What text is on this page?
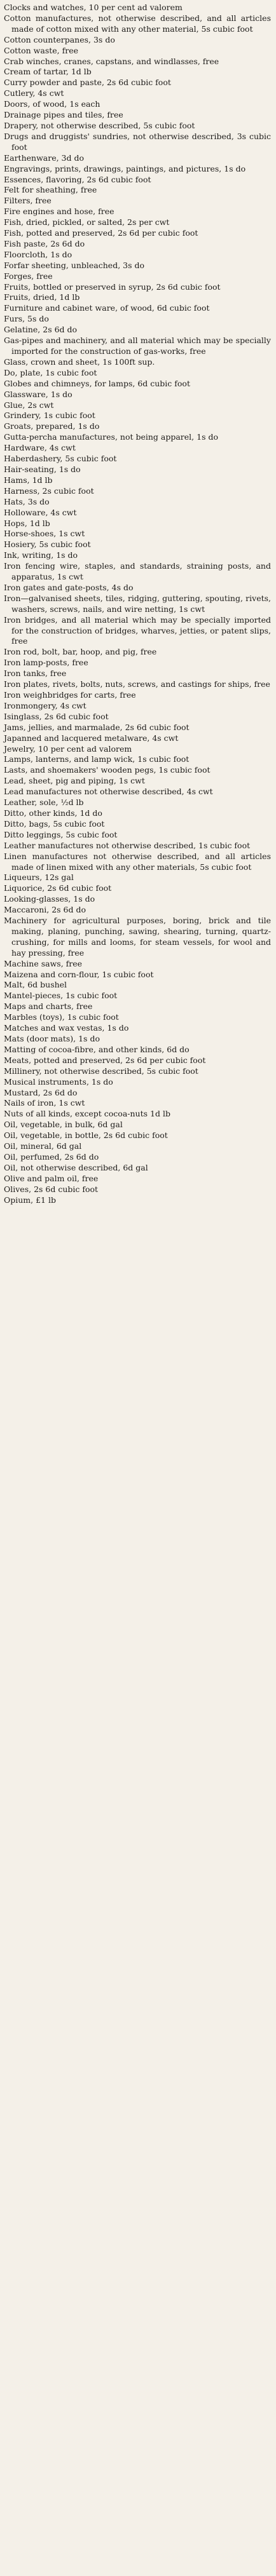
Clocks and watches, 10 per cent ad valorem

Cotton manufactures, not otherwise described, and all articles made of cotton mixed with any other material, 5s cubic foot

Cotton counterpanes, 3s do

Cotton waste, free

Crab winches, cranes, capstans, and windlasses, free

Cream of tartar, 1d lb

Curry powder and paste, 2s 6d cubic foot

Cutlery, 4s cwt

Doors, of wood, 1s each

Drainage pipes and tiles, free

Drapery, not otherwise described, 5s cubic foot

Drugs and druggists' sundries, not otherwise described, 3s cubic foot

Earthenware, 3d do

Engravings, prints, drawings, paintings, and pictures, 1s do

Essences, flavoring, 2s 6d cubic foot

Felt for sheathing, free

Filters, free

Fire engines and hose, free

Fish, dried, pickled, or salted, 2s per cwt

Fish, potted and preserved, 2s 6d per cubic foot

Fish paste, 2s 6d do

Floorcloth, 1s do

Forfar sheeting, unbleached, 3s do

Forges, free

Fruits, bottled or preserved in syrup, 2s 6d cubic foot

Fruits, dried, 1d lb

Furniture and cabinet ware, of wood, 6d cubic foot

Furs, 5s do

Gelatine, 2s 6d do

Gas-pipes and machinery, and all material which may be specially imported for the construction of gas-works, free

Glass, crown and sheet, 1s 100ft sup.

Do, plate, 1s cubic foot

Globes and chimneys, for lamps, 6d cubic foot

Glassware, 1s do

Glue, 2s cwt

Grindery, 1s cubic foot

Groats, prepared, 1s do

Gutta-percha manufactures, not being apparel, 1s do

Hardware, 4s cwt

Haberdashery, 5s cubic foot

Hair-seating, 1s do

Hams, 1d lb

Harness, 2s cubic foot

Hats, 3s do

Holloware, 4s cwt

Hops, 1d lb

Horse-shoes, 1s cwt

Hosiery, 5s cubic foot

Ink, writing, 1s do

Iron fencing wire, staples, and standards, straining posts, and apparatus, 1s cwt

Iron gates and gate-posts, 4s do

Iron—galvanised sheets, tiles, ridging, guttering, spouting, rivets, washers, screws, nails, and wire netting, 1s cwt

Iron bridges, and all material which may be specially imported for the construction of bridges, wharves, jetties, or patent slips, free

Iron rod, bolt, bar, hoop, and pig, free

Iron lamp-posts, free

Iron tanks, free

Iron plates, rivets, bolts, nuts, screws, and castings for ships, free

Iron weighbridges for carts, free

Ironmongery, 4s cwt

Isinglass, 2s 6d cubic foot

Jams, jellies, and marmalade, 2s 6d cubic foot

Japanned and lacquered metalware, 4s cwt

Jewelry, 10 per cent ad valorem

Lamps, lanterns, and lamp wick, 1s cubic foot

Lasts, and shoemakers' wooden pegs, 1s cubic foot

Lead, sheet, pig and piping, 1s cwt

Lead manufactures not otherwise described, 4s cwt

Leather, sole, ½d lb

Ditto, other kinds, 1d do

Ditto, bags, 5s cubic foot

Ditto leggings, 5s cubic foot

Leather manufactures not otherwise described, 1s cubic foot

Linen manufactures not otherwise described, and all articles made of linen mixed with any other materials, 5s cubic foot

Liqueurs, 12s gal

Liquorice, 2s 6d cubic foot

Looking-glasses, 1s do

Maccaroni, 2s 6d do

Machinery for agricultural purposes, boring, brick and tile making, planing, punching, sawing, shearing, turning, quartz-crushing, for mills and looms, for steam vessels, for wool and hay pressing, free

Machine saws, free

Maizena and corn-flour, 1s cubic foot

Malt, 6d bushel

Mantel-pieces, 1s cubic foot

Maps and charts, free

Marbles (toys), 1s cubic foot

Matches and wax vestas, 1s do

Mats (door mats), 1s do

Matting of cocoa-fibre, and other kinds, 6d do

Meats, potted and preserved, 2s 6d per cubic foot

Millinery, not otherwise described, 5s cubic foot

Musical instruments, 1s do

Mustard, 2s 6d do

Nails of iron, 1s cwt

Nuts of all kinds, except cocoa-nuts 1d lb

Oil, vegetable, in bulk, 6d gal

Oil, vegetable, in bottle, 2s 6d cubic foot

Oil, mineral, 6d gal

Oil, perfumed, 2s 6d do

Oil, not otherwise described, 6d gal

Olive and palm oil, free

Olives, 2s 6d cubic foot

Opium, £1 lb
